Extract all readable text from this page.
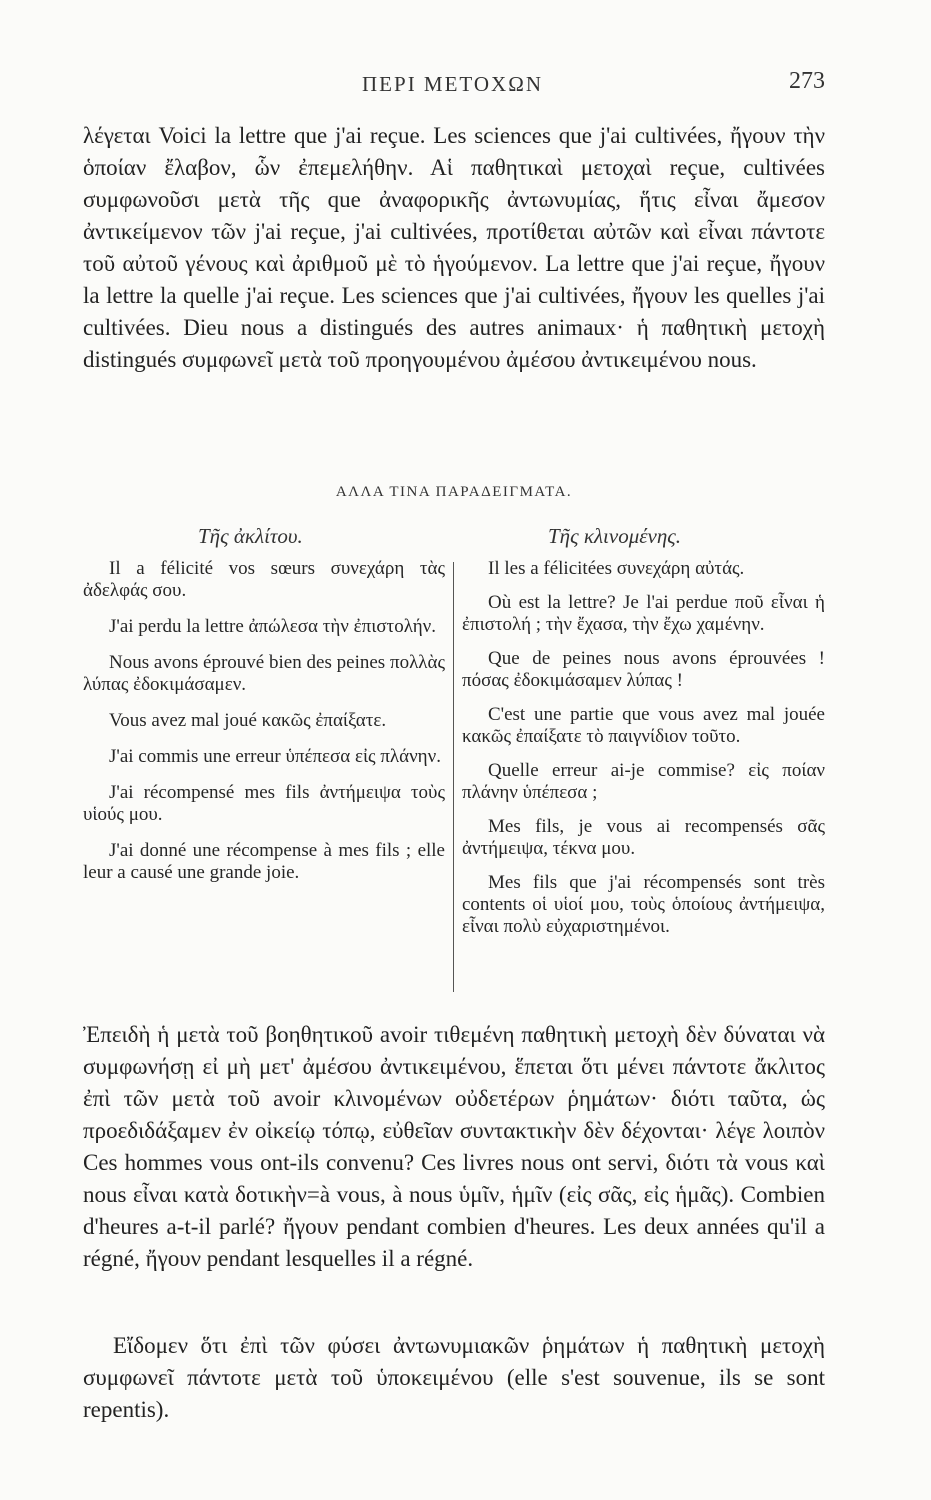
ΠΕΡΙ ΜΕΤΟΧΩΝ	273

λέγεται Voici la lettre que j'ai reçue. Les sciences que j'ai cultivées, ἤγουν τὴν ὁποίαν ἔλαβον, ὧν ἐπεμελήθην. Αἱ παθητικαὶ μετοχαὶ reçue, cultivées συμφωνοῦσι μετὰ τῆς que ἀναφορικῆς ἀντωνυμίας, ἥτις εἶναι ἄμεσον ἀντικείμενον τῶν j'ai reçue, j'ai cultivées, προτίθεται αὐτῶν καὶ εἶναι πάντοτε τοῦ αὐτοῦ γένους καὶ ἀριθμοῦ μὲ τὸ ἡγούμενον. La lettre que j'ai reçue, ἤγουν la lettre la quelle j'ai reçue. Les sciences que j'ai cultivées, ἤγουν les quelles j'ai cultivées. Dieu nous a distingués des autres animaux· ἡ παθητικὴ μετοχὴ distingués συμφωνεῖ μετὰ τοῦ προηγουμένου ἀμέσου ἀντικειμένου nous.

ΑΛΛΑ ΤΙΝΑ ΠΑΡΑΔΕΙΓΜΑΤΑ.
Τῆς ἀκλίτου.	Τῆς κλινομένης.

Il a félicité vos sœurs συνεχάρη τὰς ἀδελφάς σου.

J'ai perdu la lettre ἀπώλεσα τὴν ἐπιστολήν.

Nous avons éprouvé bien des peines πολλὰς λύπας ἐδοκιμάσαμεν.

Vous avez mal joué κακῶς ἐπαίξατε.

J'ai commis une erreur ὑπέπεσα εἰς πλάνην.

J'ai récompensé mes fils ἀντήμειψα τοὺς υἱούς μου.

J'ai donné une récompense à mes fils ; elle leur a causé une grande joie.

Il les a félicitées συνεχάρη αὐτάς.

Où est la lettre? Je l'ai perdue ποῦ εἶναι ἡ ἐπιστολή ; τὴν ἔχασα, τὴν ἔχω χαμένην.

Que de peines nous avons éprouvées ! πόσας ἐδοκιμάσαμεν λύπας !

C'est une partie que vous avez mal jouée κακῶς ἐπαίξατε τὸ παιγνίδιον τοῦτο.

Quelle erreur ai-je commise? εἰς ποίαν πλάνην ὑπέπεσα ;

Mes fils, je vous ai recompensés σᾶς ἀντήμειψα, τέκνα μου.

Mes fils que j'ai récompensés sont très contents οἱ υἱοί μου, τοὺς ὁποίους ἀντήμειψα, εἶναι πολὺ εὐχαριστημένοι.

Ἐπειδὴ ἡ μετὰ τοῦ βοηθητικοῦ avoir τιθεμένη παθητικὴ μετοχὴ δὲν δύναται νὰ συμφωνήσῃ εἰ μὴ μετ' ἀμέσου ἀντικειμένου, ἕπεται ὅτι μένει πάντοτε ἄκλιτος ἐπὶ τῶν μετὰ τοῦ avoir κλινομένων οὐδετέρων ῥημάτων· διότι ταῦτα, ὡς προεδιδάξαμεν ἐν οἰκείῳ τόπῳ, εὐθεῖαν συντακτικὴν δὲν δέχονται· λέγε λοιπὸν Ces hommes vous ont-ils convenu? Ces livres nous ont servi, διότι τὰ vous καὶ nous εἶναι κατὰ δοτικὴν=à vous, à nous ὑμῖν, ἡμῖν (εἰς σᾶς, εἰς ἡμᾶς). Combien d'heures a-t-il parlé? ἤγουν pendant combien d'heures. Les deux années qu'il a régné, ἤγουν pendant lesquelles il a régné.

Εἴδομεν ὅτι ἐπὶ τῶν φύσει ἀντωνυμιακῶν ῥημάτων ἡ παθητικὴ μετοχὴ συμφωνεῖ πάντοτε μετὰ τοῦ ὑποκειμένου (elle s'est souvenue, ils se sont repentis).
